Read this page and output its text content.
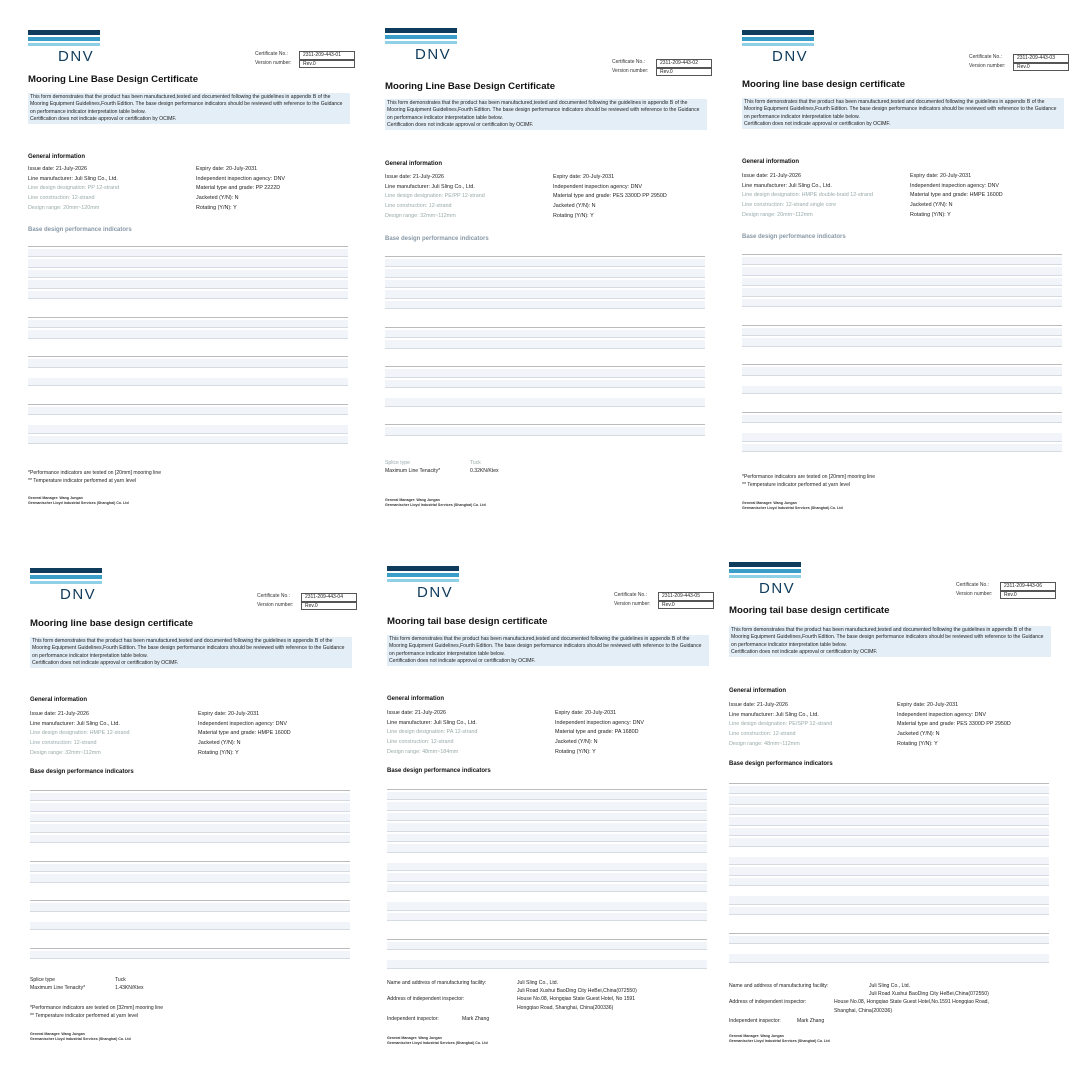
DNV	Certificate No.:	2311-209-443-01
Version number:	Rev.0
Mooring Line Base Design Certificate
This form demonstrates that the product has been manufactured,tested and documented following the guidelines in appendix B of the Mooring Equipment Guidelines,Fourth Edition. The base design performance indicators should be reviewed with reference to the Guidance on performance indicator interpretation table below.
Certification does not indicate approval or certification by OCIMF.
General information
Issue date: 21-July-2026	Expiry date: 20-July-2031
Line manufacturer: Juli Sling Co., Ltd.	Independent inspection agency: DNV
Line design designation: PP 12-strand	Material type and grade: PP 2222D
Line construction: 12-strand	Jacketed (Y/N): N
Design range: 20mm~120mm	Rotating (Y/N): Y
Base design performance indicators
*Performance indicators are tested on [20mm] mooring line
** Temperature indicator performed at yarn level
General Manager: Wang Jungan
Germanischer Lloyd Industrial Services (Shanghai) Co. Ltd
DNV	Certificate No.:	2311-209-443-02
Version number:	Rev.0
Mooring Line Base Design Certificate
This form demonstrates that the product has been manufactured,tested and documented following the guidelines in appendix B of the Mooring Equipment Guidelines,Fourth Edition. The base design performance indicators should be reviewed with reference to the Guidance on performance indicator interpretation table below.
Certification does not indicate approval or certification by OCIMF.
General information
Issue date: 21-July-2026	Expiry date: 20-July-2031
Line manufacturer: Juli Sling Co., Ltd.	Independent inspection agency: DNV
Line design designation: PE/PP 12-strand	Material type and grade: PES 3300D PP 2950D
Line construction: 12-strand	Jacketed (Y/N): N
Design range: 32mm~112mm	Rotating (Y/N): Y
Base design performance indicators
Splice type	Tuck
Maximum Line Tenacity*	0.32KN/Ktex
General Manager: Wang Jungan
Germanischer Lloyd Industrial Services (Shanghai) Co. Ltd
DNV	Certificate No.:	2311-209-443-03
Version number:	Rev.0
Mooring line base design certificate
This form demonstrates that the product has been manufactured,tested and documented following the guidelines in appendix B of the Mooring Equipment Guidelines,Fourth Edition. The base design performance indicators should be reviewed with reference to the Guidance on performance indicator interpretation table below.
Certification does not indicate approval or certification by OCIMF.
General information
Issue date: 21-July-2026	Expiry date: 20-July-2031
Line manufacturer: Juli Sling Co., Ltd.	Independent inspection agency: DNV
Line design designation: HMPE double-braid 12-strand	Material type and grade: HMPE 1600D
Line construction: 12-strand single core	Jacketed (Y/N): N
Design range: 20mm~112mm	Rotating (Y/N): Y
Base design performance indicators
*Performance indicators are tested on [20mm] mooring line
** Temperature indicator performed at yarn level
General Manager: Wang Jungan
Germanischer Lloyd Industrial Services (Shanghai) Co. Ltd
DNV	Certificate No.:	2311-209-443-04
Version number:	Rev.0
Mooring line base design certificate
This form demonstrates that the product has been manufactured,tested and documented following the guidelines in appendix B of the Mooring Equipment Guidelines,Fourth Edition. The base design performance indicators should be reviewed with reference to the Guidance on performance indicator interpretation table below.
Certification does not indicate approval or certification by OCIMF.
General information
Issue date: 21-July-2026	Expiry date: 20-July-2031
Line manufacturer: Juli Sling Co., Ltd.	Independent inspection agency: DNV
Line design designation: HMPE 12-strand	Material type and grade: HMPE 1600D
Line construction: 12-strand	Jacketed (Y/N): N
Design range: 32mm~112mm	Rotating (Y/N): Y
Base design performance indicators
Splice type	Tuck
Maximum Line Tenacity*	1.43KN/Ktex
*Performance indicators are tested on [32mm] mooring line
** Temperature indicator performed at yarn level
General Manager: Wang Jungan
Germanischer Lloyd Industrial Services (Shanghai) Co. Ltd
DNV	Certificate No.:	2311-209-443-05
Version number:	Rev.0
Mooring tail base design certificate
This form demonstrates that the product has been manufactured,tested and documented following the guidelines in appendix B of the Mooring Equipment Guidelines,Fourth Edition. The base design performance indicators should be reviewed with reference to the Guidance on performance indicator interpretation table below.
Certification does not indicate approval or certification by OCIMF.
General information
Issue date: 21-July-2026	Expiry date: 20-July-2031
Line manufacturer: Juli Sling Co., Ltd.	Independent inspection agency: DNV
Line design designation: PA 12-strand	Material type and grade: PA 1680D
Line construction: 12-strand	Jacketed (Y/N): N
Design range: 48mm~184mm	Rotating (Y/N): Y
Base design performance indicators
Name and address of manufacturing facility:	Juli Sling Co., Ltd.
Juli Road Xushui BaoDing City HeBei,China(072550)
Address of independent inspector:	House No.08, Hongqiao State Guest Hotel, No 1591
Hongqiao Road, Shanghai, China(200336)
Independent inspector:	Mark Zhang
General Manager: Wang Jungan
Germanischer Lloyd Industrial Services (Shanghai) Co. Ltd
DNV	Certificate No.:	2311-209-443-06
Version number:	Rev.0
Mooring tail base design certificate
This form demonstrates that the product has been manufactured,tested and documented following the guidelines in appendix B of the Mooring Equipment Guidelines,Fourth Edition. The base design performance indicators should be reviewed with reference to the Guidance on performance indicator interpretation table below.
Certification does not indicate approval or certification by OCIMF.
General information
Issue date: 21-July-2026	Expiry date: 20-July-2031
Line manufacturer: Juli Sling Co., Ltd.	Independent inspection agency: DNV
Line design designation: PE/SPP 12-strand	Material type and grade: PES 3300D PP 2950D
Line construction: 12-strand	Jacketed (Y/N): N
Design range: 48mm~112mm	Rotating (Y/N): Y
Base design performance indicators
Name and address of manufacturing facility:	Juli Sling Co., Ltd.
Juli Road Xushui BaoDing City HeBei,China(072550)
Address of independent inspector:	House No.08, Hongqiao State Guest Hotel,No.1591 Hongqiao Road,
Shanghai, China(200336)
Independent inspector:	Mark Zhang
General Manager: Wang Jungan
Germanischer Lloyd Industrial Services (Shanghai) Co. Ltd
